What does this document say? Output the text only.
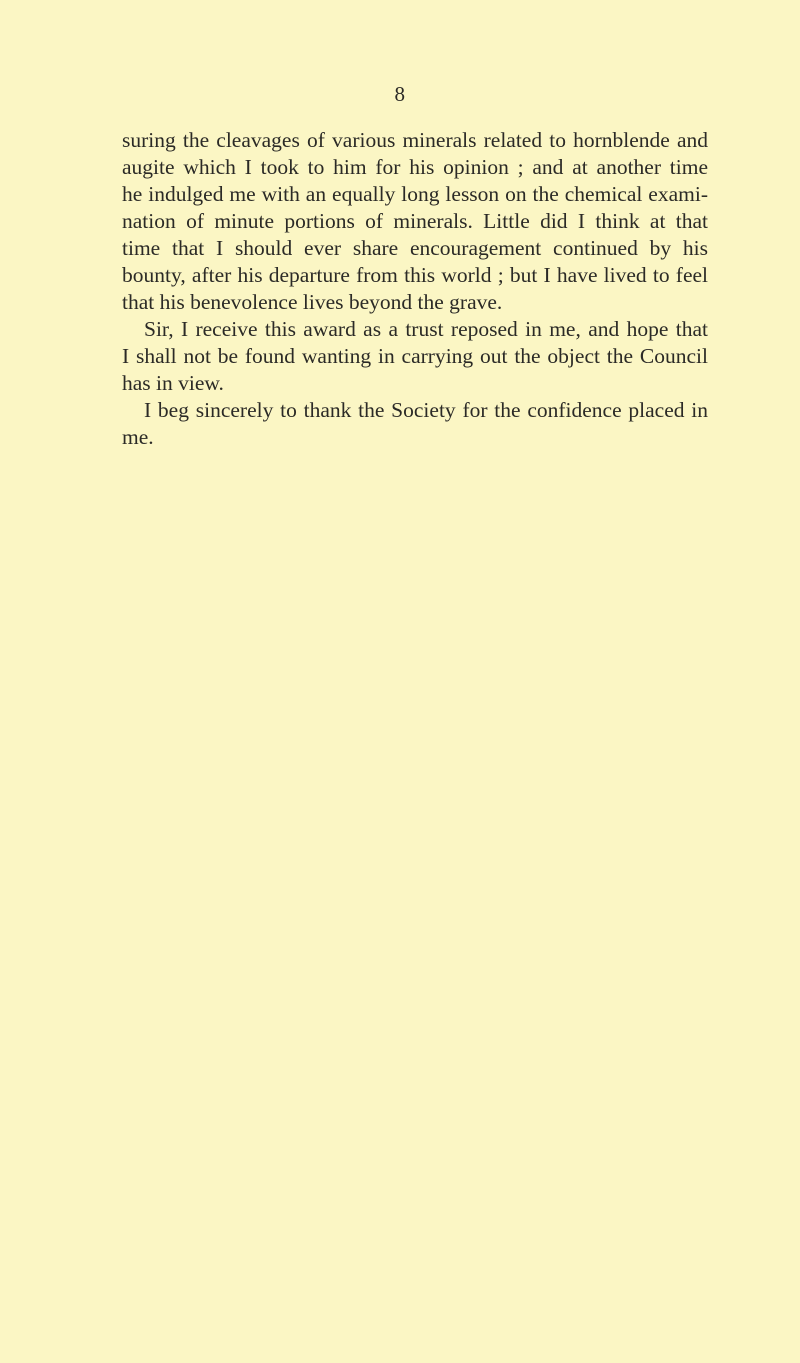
8
suring the cleavages of various minerals related to hornblende and
augite which I took to him for his opinion ; and at another time
he indulged me with an equally long lesson on the chemical exami-
nation of minute portions of minerals. Little did I think at that
time that I should ever share encouragement continued by his
bounty, after his departure from this world ; but I have lived to feel
that his benevolence lives beyond the grave.
Sir, I receive this award as a trust reposed in me, and hope that
I shall not be found wanting in carrying out the object the Council
has in view.
I beg sincerely to thank the Society for the confidence placed in
me.
